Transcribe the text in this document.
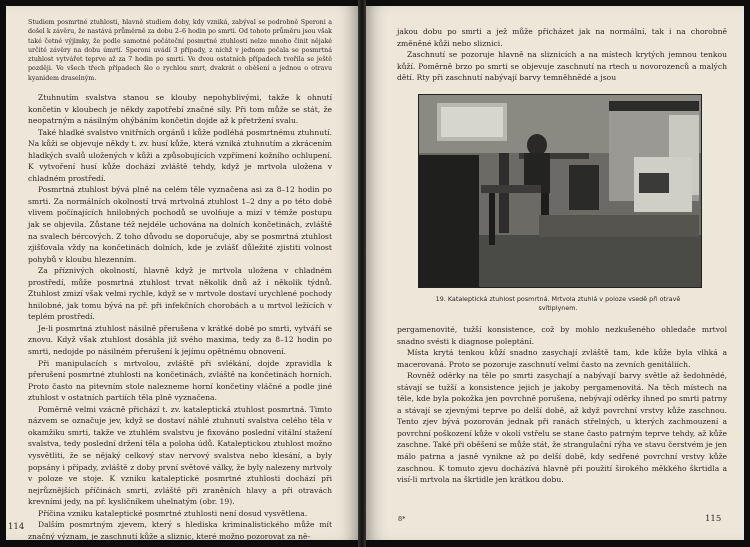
Studiem posmrtné ztuhlosti, hlavně studiem doby, kdy vzniká, zabýval se podrobně Speroni a došel k závěru, že nastává průměrně za dobu 2–6 hodin po smrti. Od tohoto průměru jsou však také četné výjimky, že podle samotné počáteční posmrtné ztuhlosti nelze mnoho činit nějaké určité závěry na dobu úmrtí. Speroni uvádí 3 případy, z nichž v jednom počala se posmrtná ztuhlost vytvářet teprve až za 7 hodin po smrti. Ve dvou ostatních případech tvořila se ještě později. Ve všech třech případech šlo o rychlou smrt, dvakrát o oběšení a jednou o otravu kyanidem draselným.

Ztuhnutím svalstva stanou se klouby nepohyblivými, takže k ohnutí končetin v kloubech je někdy zapotřebí značné síly. Při tom může se stát, že neopatrným a násilným ohýbáním končetin dojde až k přetržení svalu.

Také hladké svalstvo vnitřních orgánů i kůže podléhá posmrtnému ztuhnutí. Na kůži se objevuje někdy t. zv. husí kůže, která vzniká ztuhnutím a zkrácením hladkých svalů uložených v kůži a způsobujících vzpřímení kožního ochlupení. K vytvoření husí kůže dochází zvláště tehdy, když je mrtvola uložena v chladném prostředí.

Posmrtná ztuhlost bývá plně na celém těle vyznačena asi za 8–12 hodin po smrti. Za normálních okolností trvá mrtvolná ztuhlost 1–2 dny a po této době vlivem počínajících hnilobných pochodů se uvolňuje a mizí v témže postupu jak se objevila. Zůstane též nejdéle uchována na dolních končetinách, zvláště na svalech bércových. Z toho důvodu se doporučuje, aby se posmrtná ztuhlost zjišťovala vždy na končetinách dolních, kde je zvlášť důležité zjistiti volnost pohybů v kloubu hlezenním.

Za příznivých okolností, hlavně když je mrtvola uložena v chladném prostředí, může posmrtná ztuhlost trvat několik dnů až i několik týdnů. Ztuhlost zmizí však velmi rychle, když se v mrtvole dostaví urychlené pochody hnilobné, jak tomu bývá na př. při infekčních chorobách a u mrtvol ležících v teplém prostředí.

Je-li posmrtná ztuhlost násilně přerušena v krátké době po smrti, vytváří se znovu. Když však ztuhlost dosáhla již svého maxima, tedy za 8–12 hodin po smrti, nedojde po násilném přerušení k jejímu opětnému obnovení.

Při manipulacích s mrtvolou, zvláště při svlékání, dojde zpravidla k přerušení posmrtné ztuhlosti na končetinách, zvláště na končetinách horních. Proto často na pitevním stole nalezneme horní končetiny vláčné a podle jiné ztuhlost v ostatních partiích těla plně vyznačena.

Poměrně velmi vzácně přichází t. zv. kataleptická ztuhlost posmrtná. Timto názvem se označuje jev, když se dostaví náhlé ztuhnutí svalstva celého těla v okamžiku smrti, takže ve ztuhlém svalstvu je fixováno poslední vitální stažení svalstva, tedy poslední držení těla a poloha údů. Kataleptickou ztuhlost možno vysvětliti, že se nějaký celkový stav nervový svalstva nebo klesání, a byly popsány i případy, zvláště z doby první světové války, že byly nalezeny mrtvoly v poloze ve stoje. K vzniku kataleptické posmrtné ztuhlosti dochází při nejrůznějších příčinách smrti, zvláště při zraněních hlavy a při otravách krevními jedy, na př. kysličníkem uhelnatým (obr. 19).

Příčina vzniku kataleptické posmrtné ztuhlosti není dosud vysvětlena.

Dalším posmrtným zjevem, který s hlediska kriminalistického může mít značný význam, je zaschnutí kůže a sliznic, které možno pozorovat za ně-

114

jakou dobu po smrti a jež může přicházet jak na normální, tak i na chorobně změněné kůži nebo sliznici.

Zaschnutí se pozoruje hlavně na sliznicích a na místech krytých jemnou tenkou kůží. Poměrně brzo po smrti se objevuje zaschnutí na rtech u novorozenců a malých dětí. Rty při zaschnutí nabývají barvy temněhnědé a jsou

19. Kataleptická ztuhlost posmrtná. Mrtvola ztuhlá v poloze vsedě při otravě svítiplynem.

pergamenovité, tužší konsistence, což by mohlo nezkušeného ohledače mrtvol snadno svésti k diagnose poleptání.

Místa krytá tenkou kůží snadno zasychají zvláště tam, kde kůže byla vlhká a macerovaná. Proto se pozoruje zaschnutí velmi často na zevních genitáliích.

Rovněž oděrky na těle po smrti zasychají a nabývají barvy světle až šedohnědé, stávají se tužší a konsistence jejich je jakoby pergamenovitá. Na těch místech na těle, kde byla pokožka jen povrchně porušena, nebývají oděrky ihned po smrti patrny a stávají se zjevnými teprve po delší době, až když povrchní vrstvy kůže zaschnou. Tento zjev bývá pozorován jednak při ranách střelných, u kterých zachmouzení a povrchní poškození kůže v okolí vstřelu se stane často patrným teprve tehdy, až kůže zaschne. Také při oběšení se může stát, že strangulační rýha ve stavu čerstvém je jen málo patrna a jasně vynikne až po delší době, kdy sedřené povrchní vrstvy kůže zaschnou. K tomuto zjevu docházívá hlavně při použití širokého měkkého škrtidla a visí-li mrtvola na škrtidle jen krátkou dobu.

8*	115
